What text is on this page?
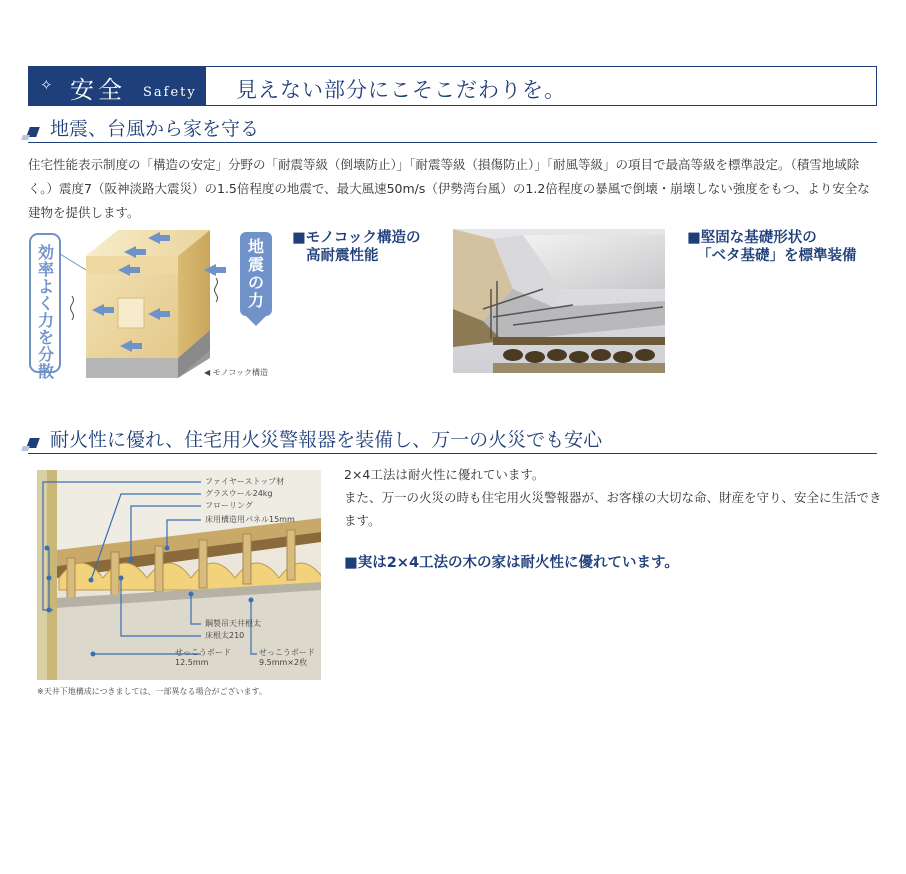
✧ 安全 Safety 見えない部分にこそこだわりを。
地震、台風から家を守る
住宅性能表示制度の「構造の安定」分野の「耐震等級（倒壊防止）」「耐震等級（損傷防止）」「耐風等級」の項目で最高等級を標準設定。（積雪地域除く。）震度7（阪神淡路大震災）の1.5倍程度の地震で、最大風速50m/s（伊勢湾台風）の1.2倍程度の暴風で倒壊・崩壊しない強度をもつ、より安全な建物を提供します。
効率よく力を分散
地震の力
◀ モノコック構造
■モノコック構造の
高耐震性能
■堅固な基礎形状の
「ベタ基礎」を標準装備
耐火性に優れ、住宅用火災警報器を装備し、万一の火災でも安心
ファイヤーストップ材
グラスウール24kg
フローリング
床用構造用パネル15mm
鋼製吊天井根太
床根太210
せっこうボード
12.5mm
せっこうボード
9.5mm×2枚
※天井下地構成につきましては、一部異なる場合がございます。
2×4工法は耐火性に優れています。
また、万一の火災の時も住宅用火災警報器が、お客様の大切な命、財産を守り、安全に生活できます。
■実は2×4工法の木の家は耐火性に優れています。
